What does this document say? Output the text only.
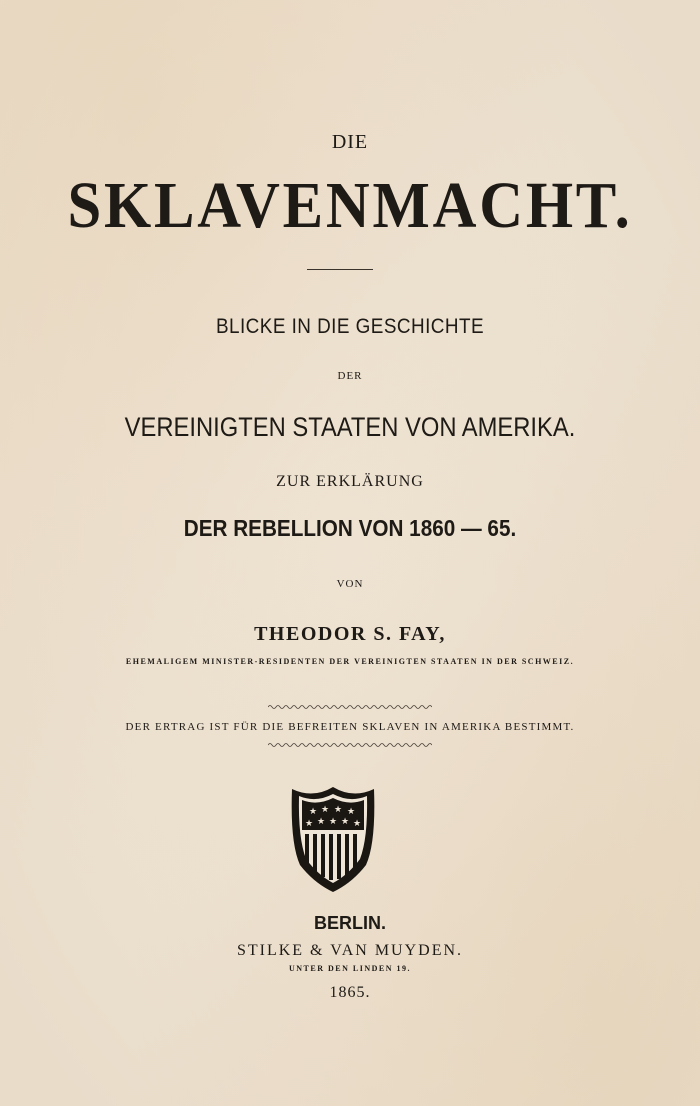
DIE
SKLAVENMACHT.
BLICKE IN DIE GESCHICHTE
DER
VEREINIGTEN STAATEN VON AMERIKA.
ZUR ERKLÄRUNG
DER REBELLION VON 1860 — 65.
VON
THEODOR S. FAY,
EHEMALIGEM MINISTER-RESIDENTEN DER VEREINIGTEN STAATEN IN DER SCHWEIZ.
DER ERTRAG IST FÜR DIE BEFREITEN SKLAVEN IN AMERIKA BESTIMMT.
★ ★ ★ ★
★ ★ ★ ★ ★
BERLIN.
STILKE & VAN MUYDEN.
UNTER DEN LINDEN 19.
1865.
